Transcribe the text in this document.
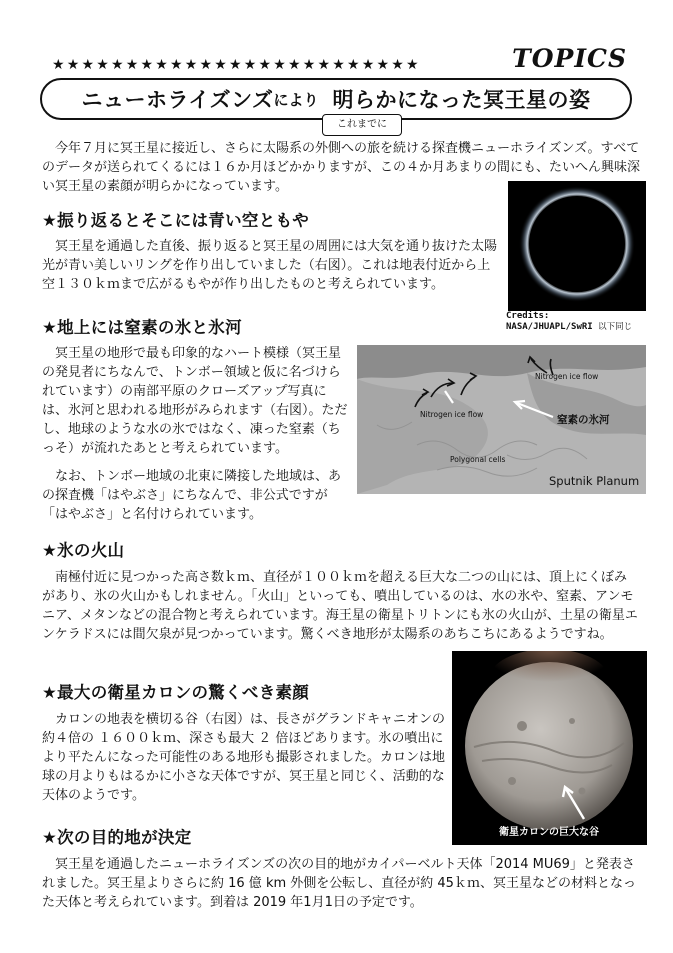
★★★★★★★★★★★★★★★★★★★★★★★★★	TOPICS
ニューホライズンズ により 明らかになった冥王星の姿
これまでに

今年７月に冥王星に接近し、さらに太陽系の外側への旅を続ける探査機ニューホライズンズ。すべてのデータが送られてくるには１６か月ほどかかりますが、この４か月あまりの間にも、たいへん興味深い冥王星の素顔が明らかになっています。

Credits:
NASA/JHUAPL/SwRI 以下同じ
★振り返るとそこには青い空ともや

冥王星を通過した直後、振り返ると冥王星の周囲には大気を通り抜けた太陽光が青い美しいリングを作り出していました（右図）。これは地表付近から上空１３０ｋｍまで広がるもやが作り出したものと考えられています。

★地上には窒素の氷と氷河

冥王星の地形で最も印象的なハート模様（冥王星の発見者にちなんで、トンボー領域と仮に名づけられています）の南部平原のクローズアップ写真には、氷河と思われる地形がみられます（右図）。ただし、地球のような水の氷ではなく、凍った窒素（ちっそ）が流れたあとと考えられています。

なお、トンボー地域の北東に隣接した地域は、あの探査機「はやぶさ」にちなんで、非公式ですが「はやぶさ」と名付けられています。

Nitrogen ice flow
Nitrogen ice flow
Polygonal cells
窒素の氷河
Sputnik Planum
★氷の火山

南極付近に見つかった高さ数ｋｍ、直径が１００ｋｍを超える巨大な二つの山には、頂上にくぼみがあり、氷の火山かもしれません。「火山」といっても、噴出しているのは、水の氷や、窒素、アンモニア、メタンなどの混合物と考えられています。海王星の衛星トリトンにも氷の火山が、土星の衛星エンケラドスには間欠泉が見つかっています。驚くべき地形が太陽系のあちこちにあるようですね。

★最大の衛星カロンの驚くべき素顔

カロンの地表を横切る谷（右図）は、長さがグランドキャニオンの約４倍の １６００ｋｍ、深さも最大 ２ 倍ほどあります。氷の噴出により平たんになった可能性のある地形も撮影されました。カロンは地球の月よりもはるかに小さな天体ですが、冥王星と同じく、活動的な天体のようです。

衛星カロンの巨大な谷
★次の目的地が決定

冥王星を通過したニューホライズンズの次の目的地がカイパーベルト天体「2014 MU69」と発表されました。冥王星よりさらに約 16 億 km 外側を公転し、直径が約 45ｋｍ、冥王星などの材料となった天体と考えられています。到着は 2019 年1月1日の予定です。
